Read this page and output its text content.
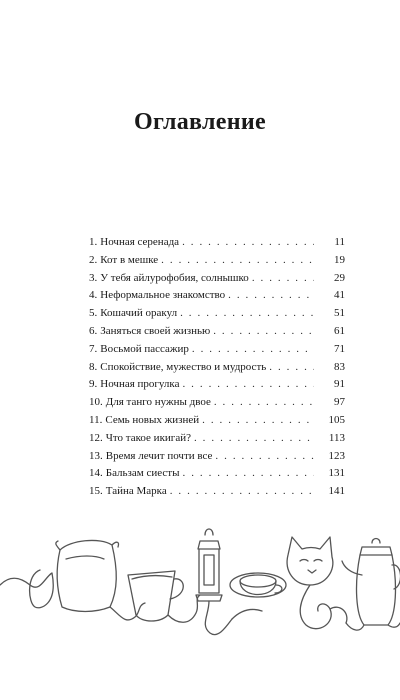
Оглавление
1. Ночная серенада . . .	11
2. Кот в мешке . . .	19
3. У тебя айлурофобия, солнышко . . .	29
4. Неформальное знакомство . . .	41
5. Кошачий оракул . . .	51
6. Заняться своей жизнью . . .	61
7. Восьмой пассажир . . .	71
8. Спокойствие, мужество и мудрость . . .	83
9. Ночная прогулка . . .	91
10. Для танго нужны двое . . .	97
11. Семь новых жизней . . .	105
12. Что такое икигай? . . .	113
13. Время лечит почти все . . .	123
14. Бальзам сиесты . . .	131
15. Тайна Марка . . .	141
